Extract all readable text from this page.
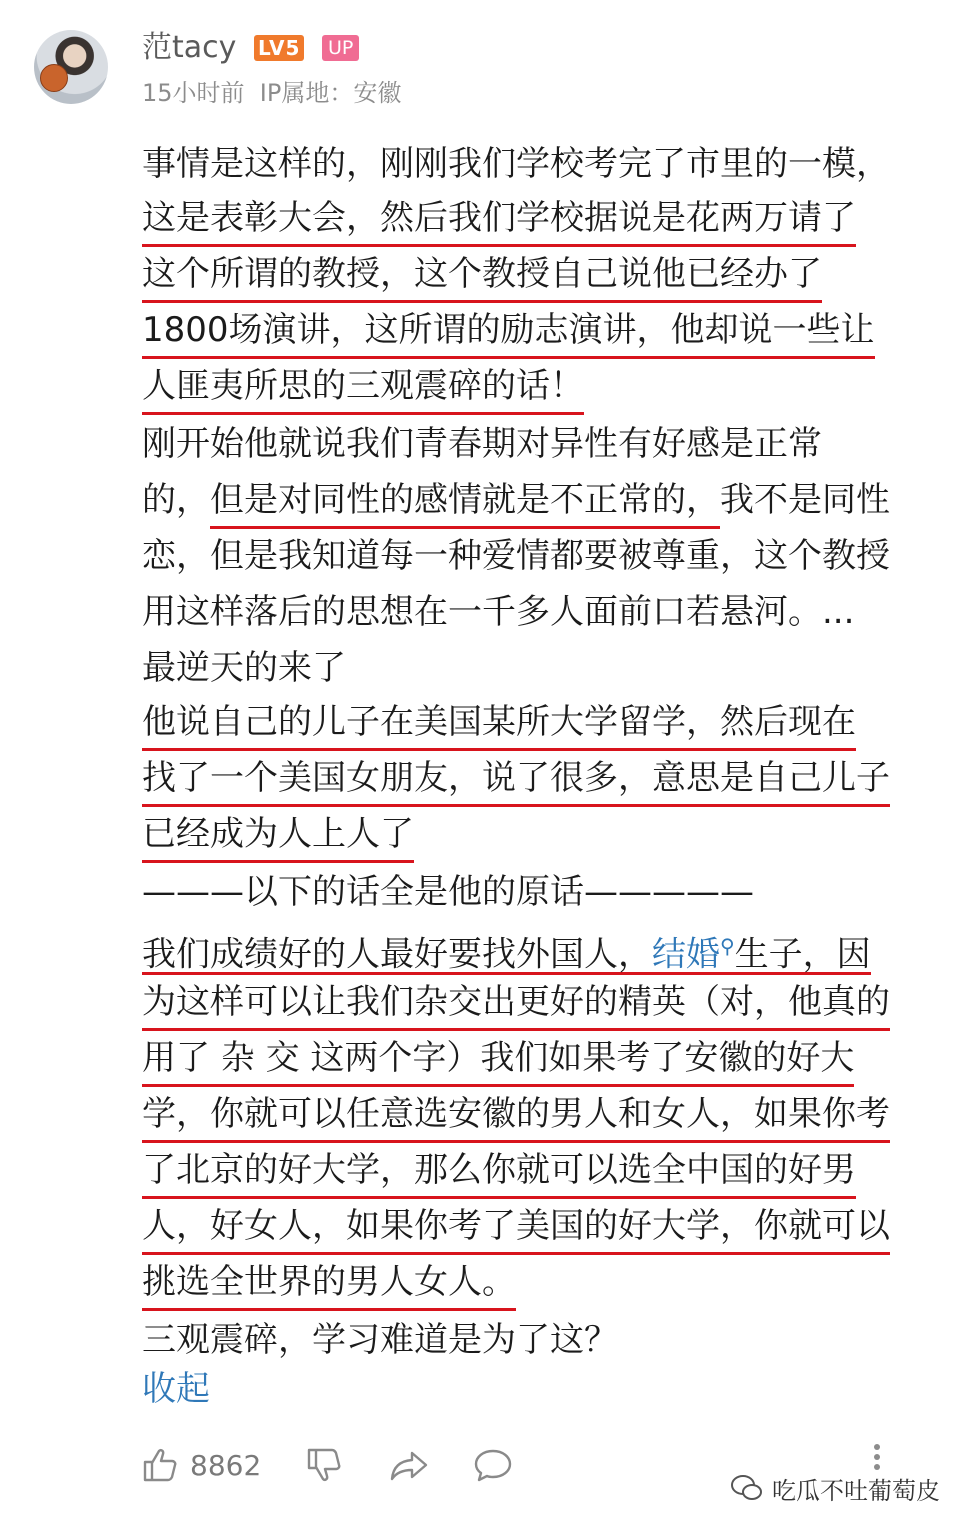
范tacy LV5	UP
15小时前  IP属地：安徽
事情是这样的，刚刚我们学校考完了市里的一模，
这是表彰大会，然后我们学校据说是花两万请了
这个所谓的教授，这个教授自己说他已经办了
1800场演讲，这所谓的励志演讲，他却说一些让
人匪夷所思的三观震碎的话！
刚开始他就说我们青春期对异性有好感是正常
的，但是对同性的感情就是不正常的，我不是同性
恋，但是我知道每一种爱情都要被尊重，这个教授
用这样落后的思想在一千多人面前口若悬河。...
最逆天的来了
他说自己的儿子在美国某所大学留学，然后现在
找了一个美国女朋友，说了很多，意思是自己儿子
已经成为人上人了
———以下的话全是他的原话—————
我们成绩好的人最好要找外国人，结婚⚲生子，因
为这样可以让我们杂交出更好的精英（对，他真的
用了 杂 交 这两个字）我们如果考了安徽的好大
学，你就可以任意选安徽的男人和女人，如果你考
了北京的好大学，那么你就可以选全中国的好男
人，好女人，如果你考了美国的好大学，你就可以
挑选全世界的男人女人。
三观震碎，学习难道是为了这？
收起
8862
吃瓜不吐葡萄皮
